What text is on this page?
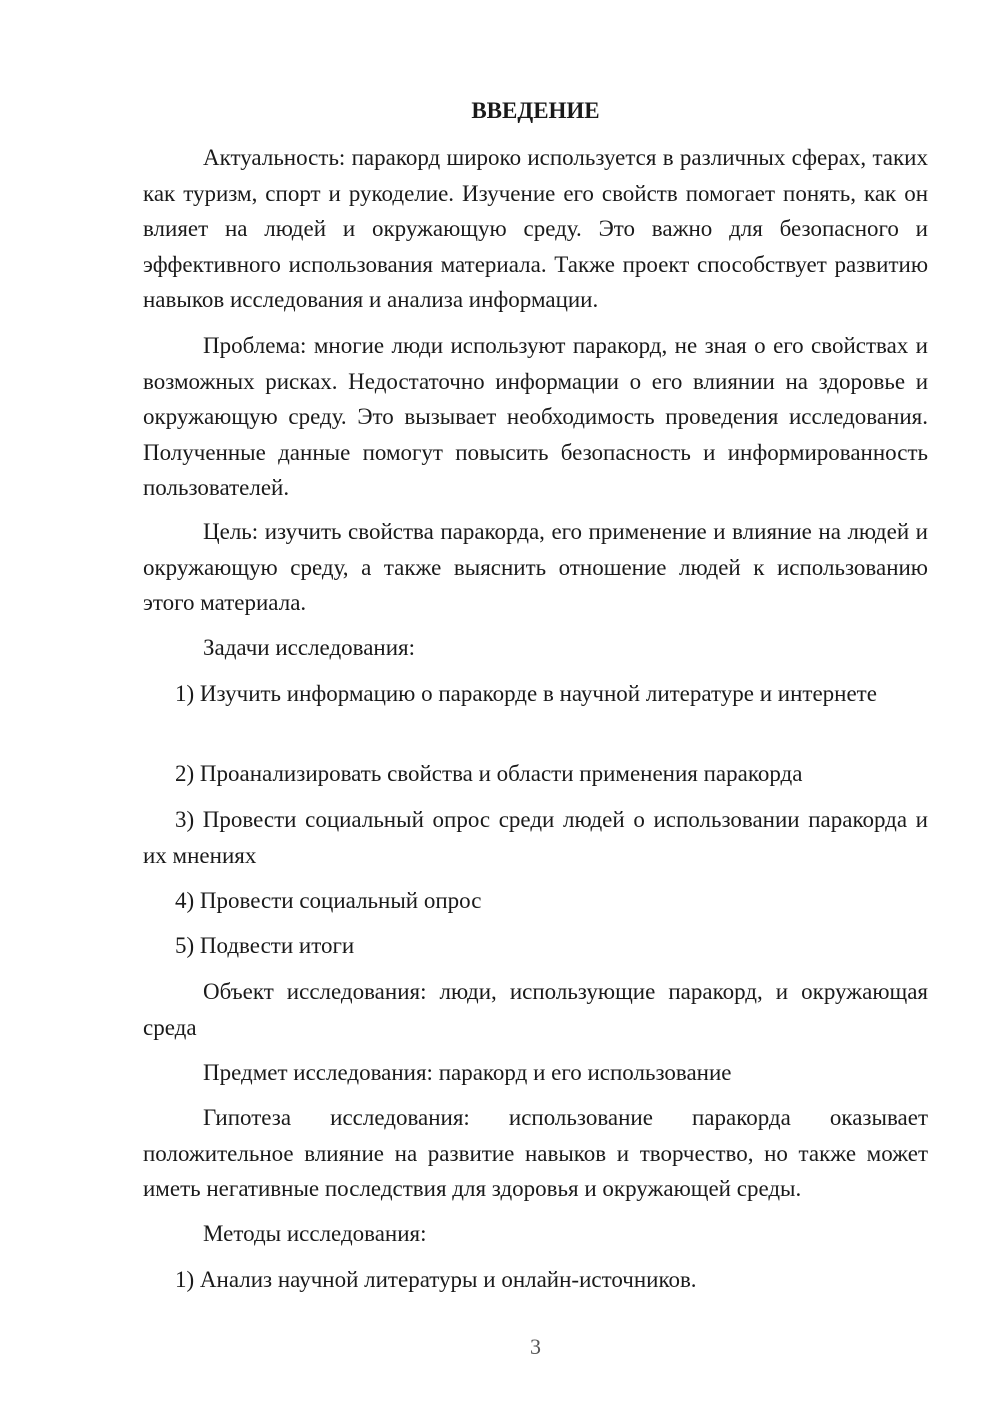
ВВЕДЕНИЕ

Актуальность: паракорд широко используется в различных сферах, таких как туризм, спорт и рукоделие. Изучение его свойств помогает понять, как он влияет на людей и окружающую среду. Это важно для безопасного и эффективного использования материала. Также проект способствует развитию навыков исследования и анализа информации.

Проблема: многие люди используют паракорд, не зная о его свойствах и возможных рисках. Недостаточно информации о его влиянии на здоровье и окружающую среду. Это вызывает необходимость проведения исследования. Полученные данные помогут повысить безопасность и информированность пользователей.

Цель: изучить свойства паракорда, его применение и влияние на людей и окружающую среду, а также выяснить отношение людей к использованию этого материала.

Задачи исследования:

1) Изучить информацию о паракорде в научной литературе и интернете

2) Проанализировать свойства и области применения паракорда

3) Провести социальный опрос среди людей о использовании паракорда и их мнениях

4) Провести социальный опрос

5) Подвести итоги

Объект исследования: люди, использующие паракорд, и окружающая среда

Предмет исследования: паракорд и его использование

Гипотеза исследования: использование паракорда оказывает положительное влияние на развитие навыков и творчество, но также может иметь негативные последствия для здоровья и окружающей среды.

Методы исследования:

1) Анализ научной литературы и онлайн-источников.

3
